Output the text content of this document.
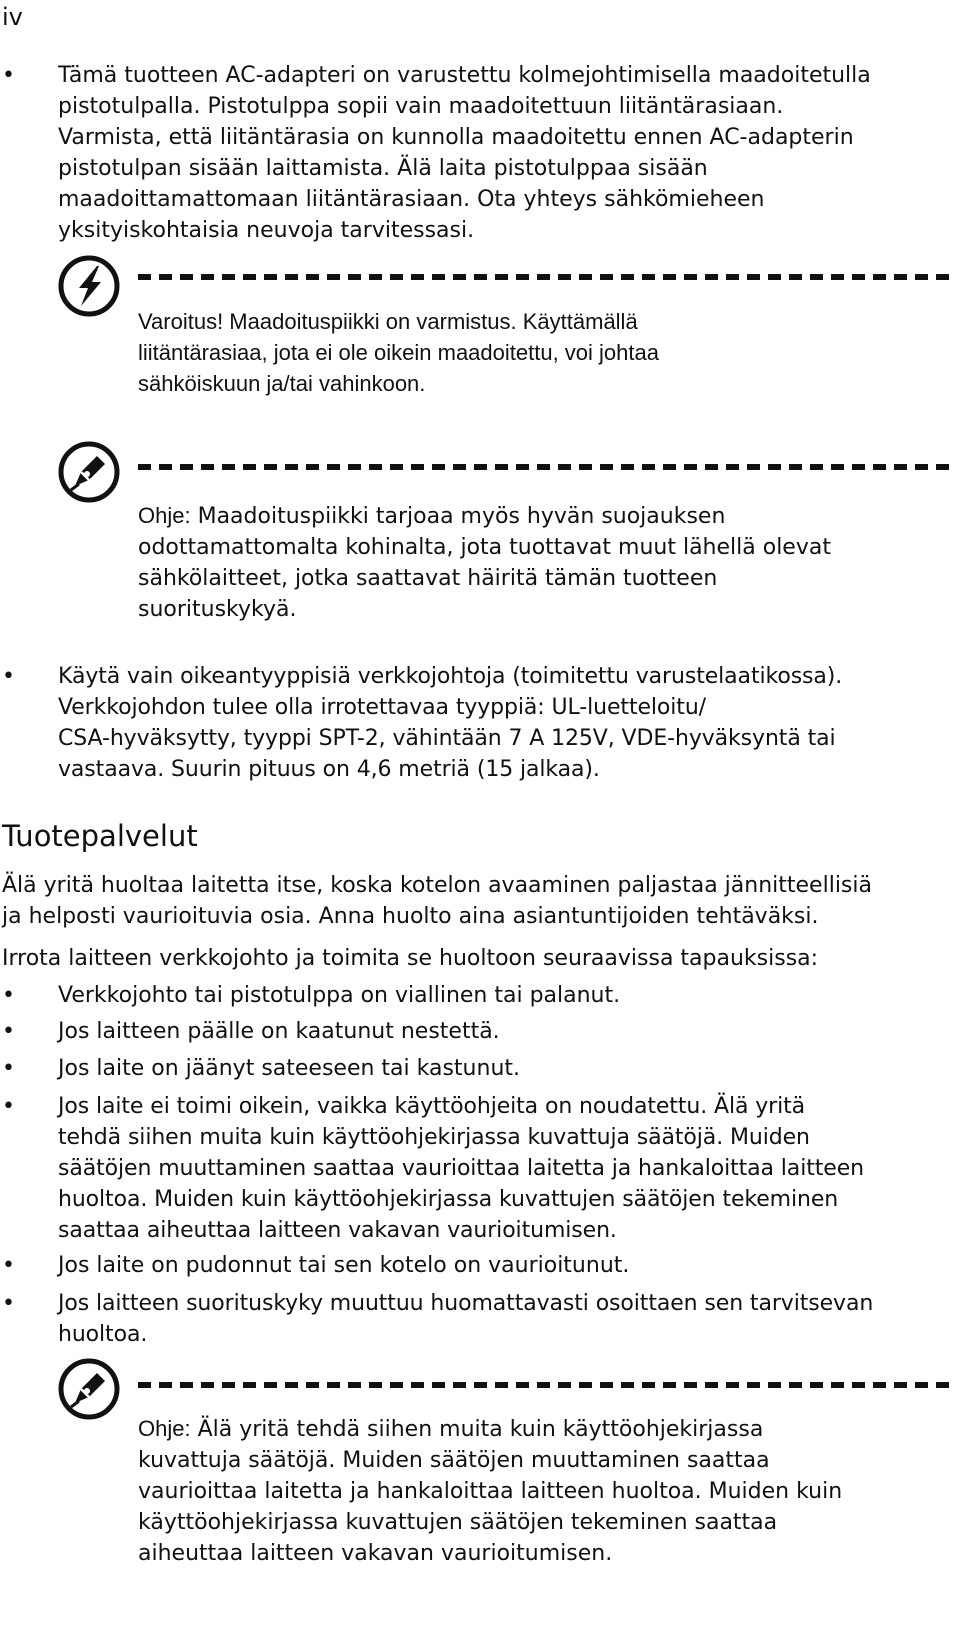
iv
• Tämä tuotteen AC-adapteri on varustettu kolmejohtimisella maadoitetulla
pistotulpalla. Pistotulppa sopii vain maadoitettuun liitäntärasiaan.
Varmista, että liitäntärasia on kunnolla maadoitettu ennen AC-adapterin
pistotulpan sisään laittamista. Älä laita pistotulppaa sisään
maadoittamattomaan liitäntärasiaan. Ota yhteys sähkömieheen
yksityiskohtaisia neuvoja tarvitessasi.
Varoitus! Maadoituspiikki on varmistus. Käyttämällä
liitäntärasiaa, jota ei ole oikein maadoitettu, voi johtaa
sähköiskuun ja/tai vahinkoon.
Ohje: Maadoituspiikki tarjoaa myös hyvän suojauksen
odottamattomalta kohinalta, jota tuottavat muut lähellä olevat
sähkölaitteet, jotka saattavat häiritä tämän tuotteen
suorituskykyä.
• Käytä vain oikeantyyppisiä verkkojohtoja (toimitettu varustelaatikossa).
Verkkojohdon tulee olla irrotettavaa tyyppiä: UL-luetteloitu/
CSA-hyväksytty, tyyppi SPT-2, vähintään 7 A 125V, VDE-hyväksyntä tai
vastaava. Suurin pituus on 4,6 metriä (15 jalkaa).
Tuotepalvelut
Älä yritä huoltaa laitetta itse, koska kotelon avaaminen paljastaa jännitteellisiä
ja helposti vaurioituvia osia. Anna huolto aina asiantuntijoiden tehtäväksi.
Irrota laitteen verkkojohto ja toimita se huoltoon seuraavissa tapauksissa:
• Verkkojohto tai pistotulppa on viallinen tai palanut.
• Jos laitteen päälle on kaatunut nestettä.
• Jos laite on jäänyt sateeseen tai kastunut.
• Jos laite ei toimi oikein, vaikka käyttöohjeita on noudatettu. Älä yritä
tehdä siihen muita kuin käyttöohjekirjassa kuvattuja säätöjä. Muiden
säätöjen muuttaminen saattaa vaurioittaa laitetta ja hankaloittaa laitteen
huoltoa. Muiden kuin käyttöohjekirjassa kuvattujen säätöjen tekeminen
saattaa aiheuttaa laitteen vakavan vaurioitumisen.
• Jos laite on pudonnut tai sen kotelo on vaurioitunut.
• Jos laitteen suorituskyky muuttuu huomattavasti osoittaen sen tarvitsevan
huoltoa.
Ohje: Älä yritä tehdä siihen muita kuin käyttöohjekirjassa
kuvattuja säätöjä. Muiden säätöjen muuttaminen saattaa
vaurioittaa laitetta ja hankaloittaa laitteen huoltoa. Muiden kuin
käyttöohjekirjassa kuvattujen säätöjen tekeminen saattaa
aiheuttaa laitteen vakavan vaurioitumisen.
